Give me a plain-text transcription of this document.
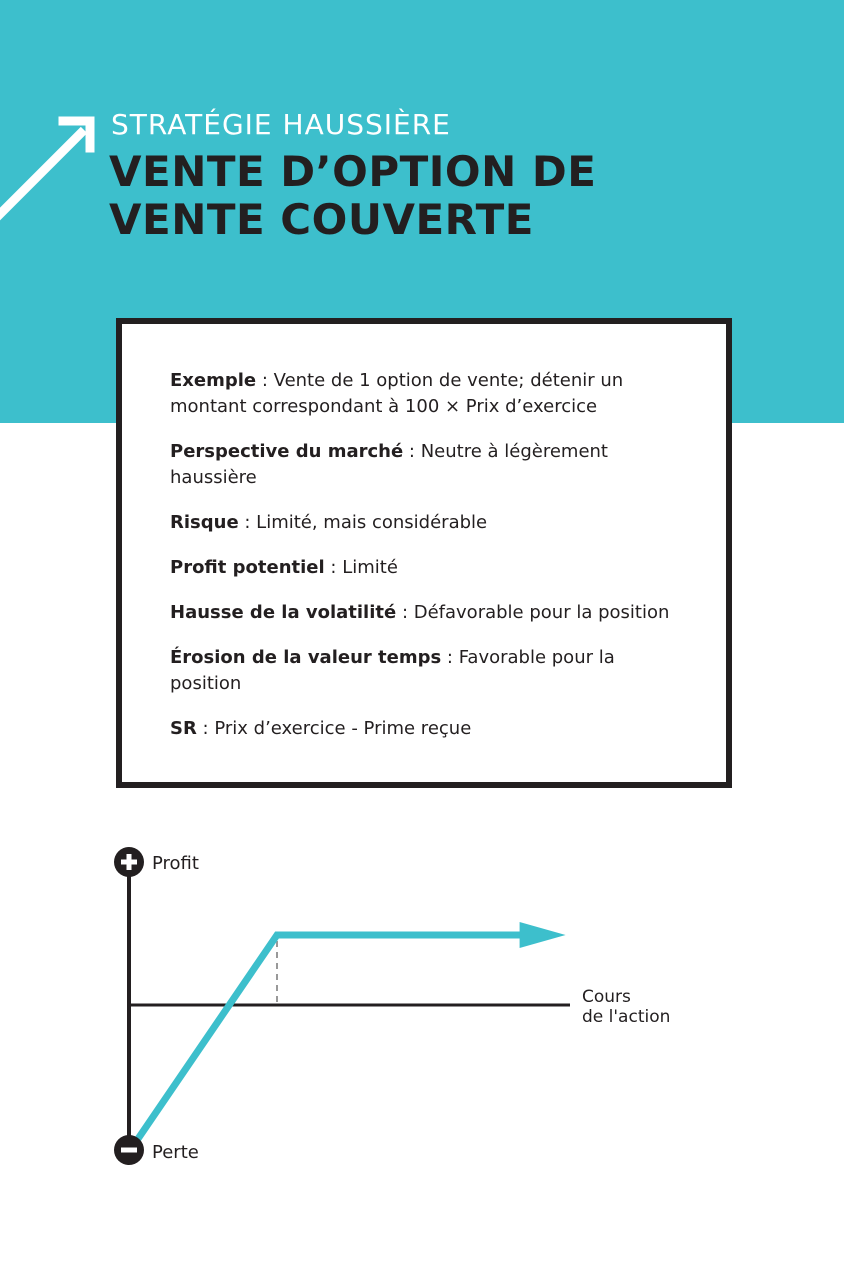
STRATÉGIE HAUSSIÈRE
VENTE D’OPTION DE
VENTE COUVERTE

Exemple : Vente de 1 option de vente; détenir un montant correspondant à 100 × Prix d’exercice

Perspective du marché : Neutre à légèrement haussière

Risque : Limité, mais considérable

Profit potentiel : Limité

Hausse de la volatilité : Défavorable pour la position

Érosion de la valeur temps : Favorable pour la position

SR : Prix d’exercice - Prime reçue

Profit
Perte
Cours
de l'action
